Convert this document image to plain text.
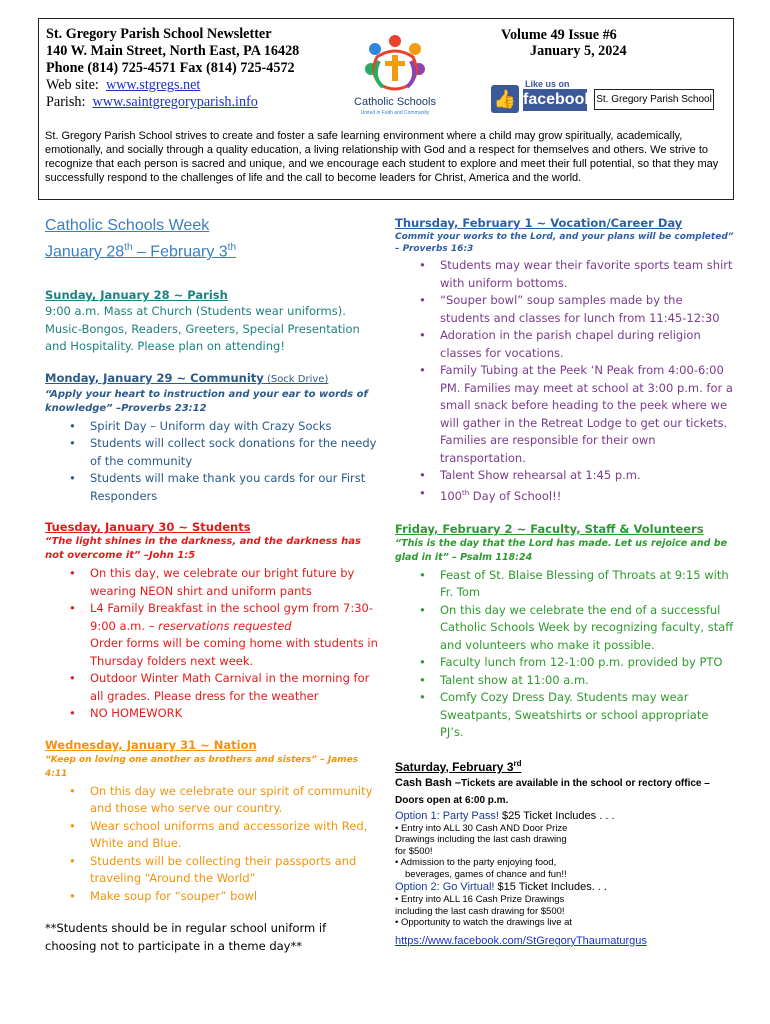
St. Gregory Parish School Newsletter
140 W. Main Street, North East, PA 16428
Phone (814) 725-4571 Fax (814) 725-4572
Web site: www.stgregs.net
Parish: www.saintgregoryparish.info	Catholic Schools
United in Faith and Community
Volume 49 Issue #6
January 5, 2024
👍
Like us on
facebook St. Gregory Parish School
St. Gregory Parish School strives to create and foster a safe learning environment where a child may grow spiritually, academically, emotionally, and socially through a quality education, a living relationship with God and a respect for themselves and others. We strive to recognize that each person is sacred and unique, and we encourage each student to explore and meet their full potential, so that they may successfully respond to the challenges of life and the call to become leaders for Christ, America and the world.
Catholic Schools Week
January 28th – February 3th
Sunday, January 28 ~ Parish
9:00 a.m. Mass at Church (Students wear uniforms).
Music-Bongos, Readers, Greeters, Special Presentation and Hospitality. Please plan on attending!
Monday, January 29 ~ Community (Sock Drive)
“Apply your heart to instruction and your ear to words of knowledge” –Proverbs 23:12
• Spirit Day – Uniform day with Crazy Socks
• Students will collect sock donations for the needy of the community
• Students will make thank you cards for our First Responders
Tuesday, January 30 ~ Students
“The light shines in the darkness, and the darkness has not overcome it” –John 1:5
• On this day, we celebrate our bright future by wearing NEON shirt and uniform pants
• L4 Family Breakfast in the school gym from 7:30-9:00 a.m. – reservations requested
Order forms will be coming home with students in Thursday folders next week.
• Outdoor Winter Math Carnival in the morning for all grades. Please dress for the weather
• NO HOMEWORK
Wednesday, January 31 ~ Nation
“Keep on loving one another as brothers and sisters” – James 4:11
• On this day we celebrate our spirit of community and those who serve our country.
• Wear school uniforms and accessorize with Red, White and Blue.
• Students will be collecting their passports and traveling “Around the World”
• Make soup for “souper” bowl
**Students should be in regular school uniform if choosing not to participate in a theme day**
Thursday, February 1 ~ Vocation/Career Day
Commit your works to the Lord, and your plans will be completed” – Proverbs 16:3
• Students may wear their favorite sports team shirt with uniform bottoms.
• “Souper bowl” soup samples made by the students and classes for lunch from 11:45-12:30
• Adoration in the parish chapel during religion classes for vocations.
• Family Tubing at the Peek ‘N Peak from 4:00-6:00 PM. Families may meet at school at 3:00 p.m. for a small snack before heading to the peek where we will gather in the Retreat Lodge to get our tickets. Families are responsible for their own transportation.
• Talent Show rehearsal at 1:45 p.m.
• 100th Day of School!!
Friday, February 2 ~ Faculty, Staff & Volunteers
“This is the day that the Lord has made. Let us rejoice and be glad in it” – Psalm 118:24
• Feast of St. Blaise Blessing of Throats at 9:15 with Fr. Tom
• On this day we celebrate the end of a successful Catholic Schools Week by recognizing faculty, staff and volunteers who make it possible.
• Faculty lunch from 12-1:00 p.m. provided by PTO
• Talent show at 11:00 a.m.
• Comfy Cozy Dress Day. Students may wear Sweatpants, Sweatshirts or school appropriate PJ’s.
Saturday, February 3rd
Cash Bash –Tickets are available in the school or rectory office – Doors open at 6:00 p.m.
Option 1: Party Pass! $25 Ticket Includes . . .
• Entry into ALL 30 Cash AND Door Prize
Drawings including the last cash drawing
for $500!
• Admission to the party enjoying food,
beverages, games of chance and fun!!
Option 2: Go Virtual! $15 Ticket Includes. . .
• Entry into ALL 16 Cash Prize Drawings
including the last cash drawing for $500!
• Opportunity to watch the drawings live at
https://www.facebook.com/StGregoryThaumaturgus
